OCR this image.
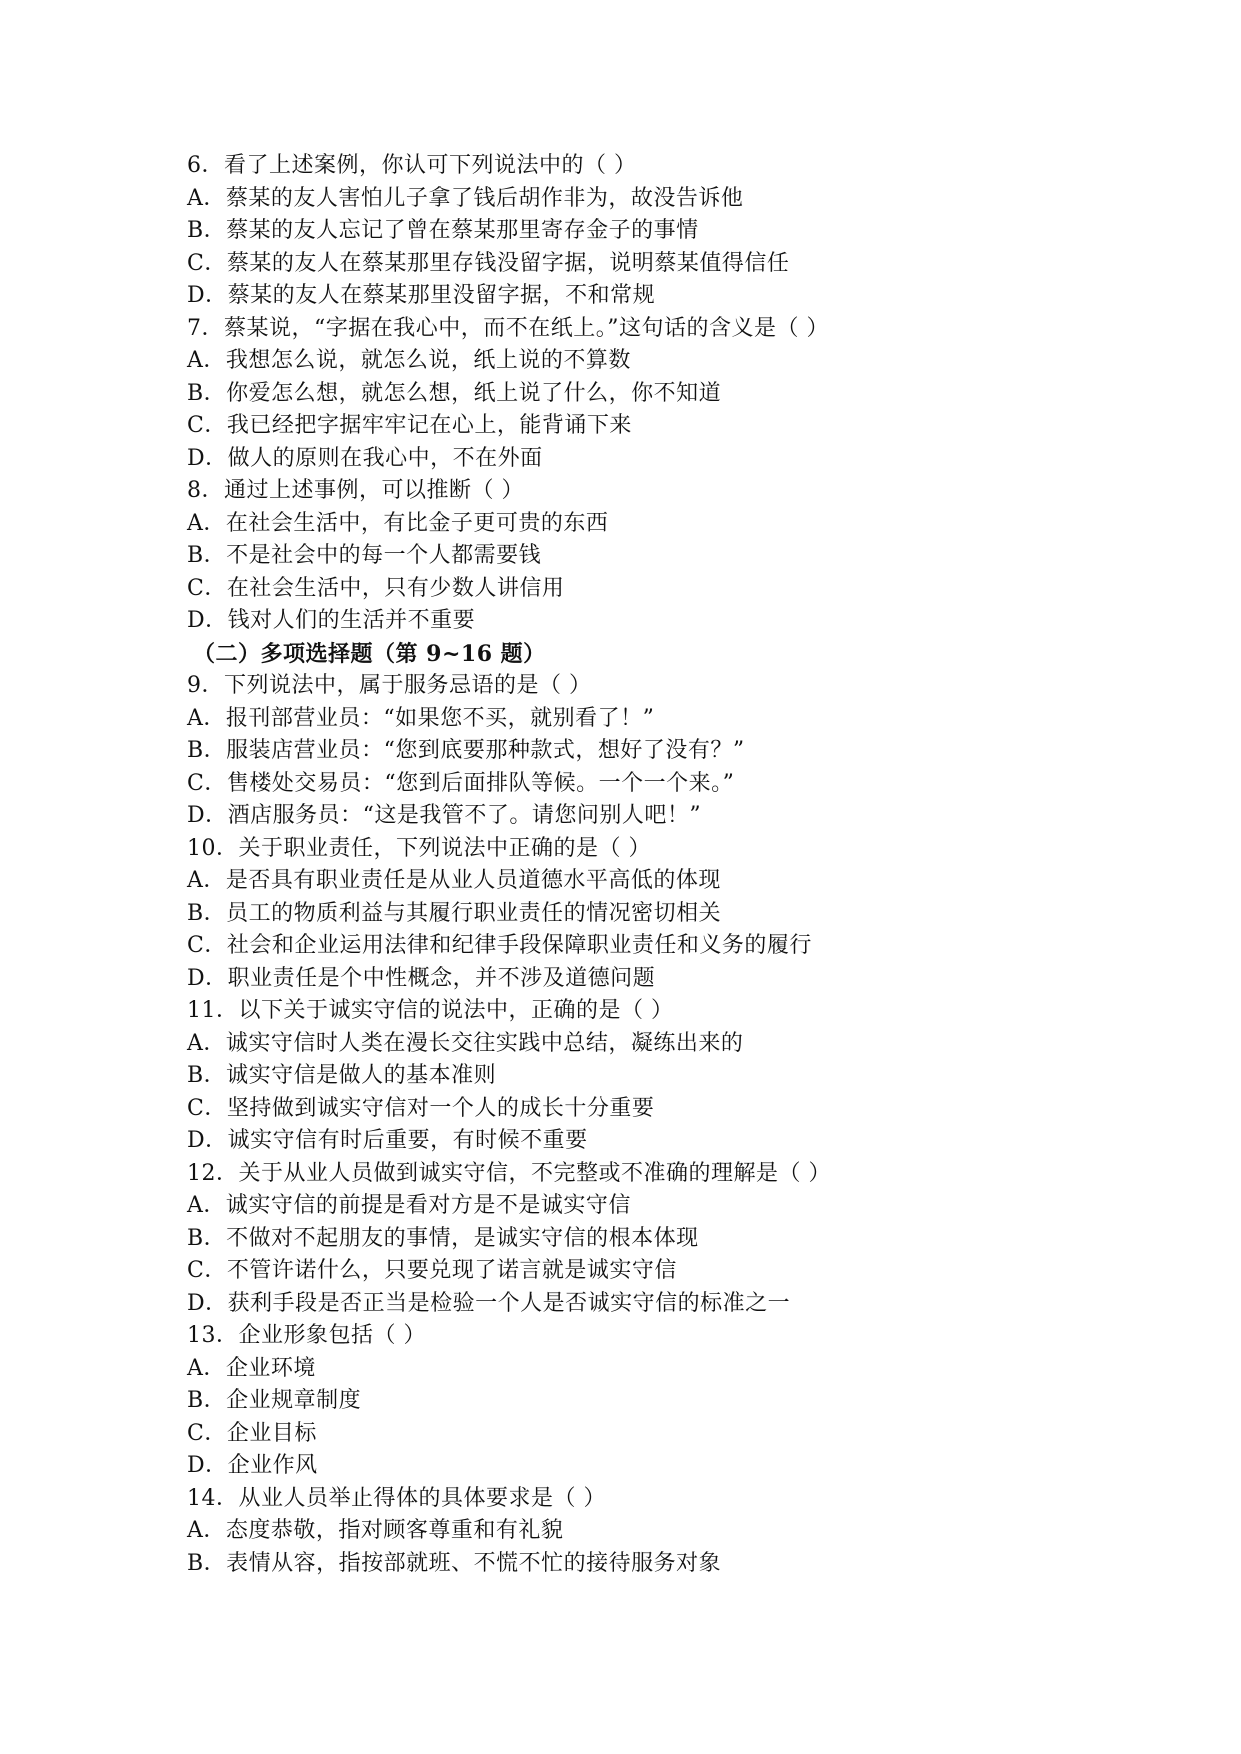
6．看了上述案例，你认可下列说法中的（ ）
A．蔡某的友人害怕儿子拿了钱后胡作非为，故没告诉他
B．蔡某的友人忘记了曾在蔡某那里寄存金子的事情
C．蔡某的友人在蔡某那里存钱没留字据，说明蔡某值得信任
D．蔡某的友人在蔡某那里没留字据，不和常规
7．蔡某说，“字据在我心中，而不在纸上。”这句话的含义是（ ）
A．我想怎么说，就怎么说，纸上说的不算数
B．你爱怎么想，就怎么想，纸上说了什么，你不知道
C．我已经把字据牢牢记在心上，能背诵下来
D．做人的原则在我心中，不在外面
8．通过上述事例，可以推断（ ）
A．在社会生活中，有比金子更可贵的东西
B．不是社会中的每一个人都需要钱
C．在社会生活中，只有少数人讲信用
D．钱对人们的生活并不重要
（二）多项选择题（第 9~16 题）
9．下列说法中，属于服务忌语的是（ ）
A．报刊部营业员：“如果您不买，就别看了！”
B．服装店营业员：“您到底要那种款式，想好了没有？”
C．售楼处交易员：“您到后面排队等候。一个一个来。”
D．酒店服务员：“这是我管不了。请您问别人吧！”
10．关于职业责任，下列说法中正确的是（ ）
A．是否具有职业责任是从业人员道德水平高低的体现
B．员工的物质利益与其履行职业责任的情况密切相关
C．社会和企业运用法律和纪律手段保障职业责任和义务的履行
D．职业责任是个中性概念，并不涉及道德问题
11．以下关于诚实守信的说法中，正确的是（ ）
A．诚实守信时人类在漫长交往实践中总结，凝练出来的
B．诚实守信是做人的基本准则
C．坚持做到诚实守信对一个人的成长十分重要
D．诚实守信有时后重要，有时候不重要
12．关于从业人员做到诚实守信，不完整或不准确的理解是（ ）
A．诚实守信的前提是看对方是不是诚实守信
B．不做对不起朋友的事情，是诚实守信的根本体现
C．不管许诺什么，只要兑现了诺言就是诚实守信
D．获利手段是否正当是检验一个人是否诚实守信的标准之一
13．企业形象包括（ ）
A．企业环境
B．企业规章制度
C．企业目标
D．企业作风
14．从业人员举止得体的具体要求是（ ）
A．态度恭敬，指对顾客尊重和有礼貌
B．表情从容，指按部就班、不慌不忙的接待服务对象
